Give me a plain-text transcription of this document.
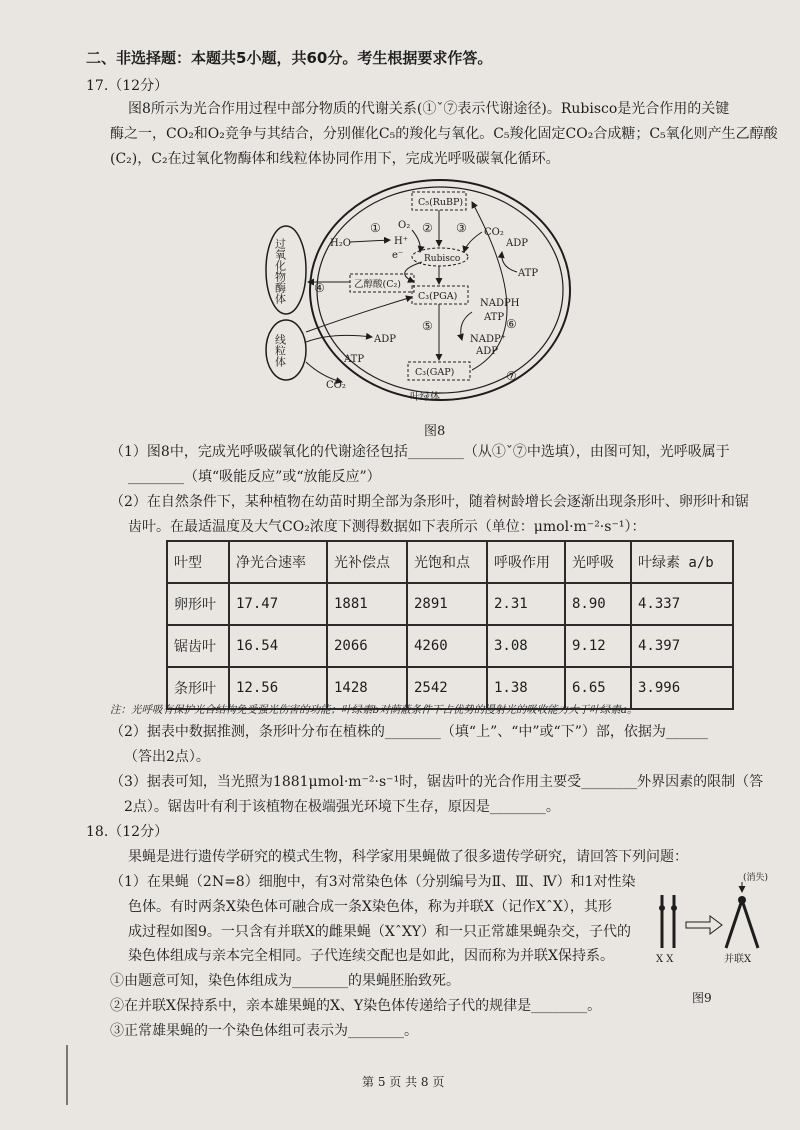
二、非选择题：本题共5小题，共60分。考生根据要求作答。
17.（12分）
图8所示为光合作用过程中部分物质的代谢关系(①ˇ⑦表示代谢途径)。Rubisco是光合作用的关键
酶之一，CO₂和O₂竞争与其结合，分别催化C₅的羧化与氧化。C₅羧化固定CO₂合成糖；C₅氧化则产生乙醇酸
(C₂)，C₂在过氧化物酶体和线粒体协同作用下，完成光呼吸碳氧化循环。
过氧化物酶体
线粒体
C₅(RuBP)
Rubisco
乙醇酸(C₂)
C₃(PGA)
C₃(GAP)
O₂
H₂O	H⁺
e⁻
CO₂
ADP
ATP
NADPH
ATP
NADP⁺
ADP
ADP
ATP
CO₂
叶绿体
①	② ③
④
⑤	⑥
⑦
图8
（1）图8中，完成光呼吸碳氧化的代谢途径包括________（从①ˇ⑦中选填），由图可知，光呼吸属于
________（填“吸能反应”或“放能反应”）
（2）在自然条件下，某种植物在幼苗时期全部为条形叶，随着树龄增长会逐渐出现条形叶、卵形叶和锯
齿叶。在最适温度及大气CO₂浓度下测得数据如下表所示（单位：μmol·m⁻²·s⁻¹）：
叶型	净光合速率	光补偿点	光饱和点	呼吸作用	光呼吸	叶绿素 a/b
卵形叶	17.47	1881	2891	2.31	8.90	4.337
锯齿叶	16.54	2066	4260	3.08	9.12	4.397
条形叶	12.56	1428	2542	1.38	6.65	3.996
注：光呼吸有保护光合结构免受强光伤害的功能；叶绿素b对荫蔽条件下占优势的漫射光的吸收能力大于叶绿素a。
（2）据表中数据推测，条形叶分布在植株的________（填“上”、“中”或“下”）部，依据为______
（答出2点）。
（3）据表可知，当光照为1881μmol·m⁻²·s⁻¹时，锯齿叶的光合作用主要受________外界因素的限制（答
2点）。锯齿叶有利于该植物在极端强光环境下生存，原因是________。
18.（12分）
果蝇是进行遗传学研究的模式生物，科学家用果蝇做了很多遗传学研究，请回答下列问题：
（1）在果蝇（2N=8）细胞中，有3对常染色体（分别编号为Ⅱ、Ⅲ、Ⅳ）和1对性染
色体。有时两条X染色体可融合成一条X染色体，称为并联X（记作XˆX），其形
成过程如图9。一只含有并联X的雌果蝇（XˆXY）和一只正常雄果蝇杂交，子代的
染色体组成与亲本完全相同。子代连续交配也是如此，因而称为并联X保持系。
①由题意可知，染色体组成为________的果蝇胚胎致死。
②在并联X保持系中，亲本雄果蝇的X、Y染色体传递给子代的规律是________。
③正常雄果蝇的一个染色体组可表示为________。
(消失)
X X	并联X
图9
第 5 页 共 8 页
